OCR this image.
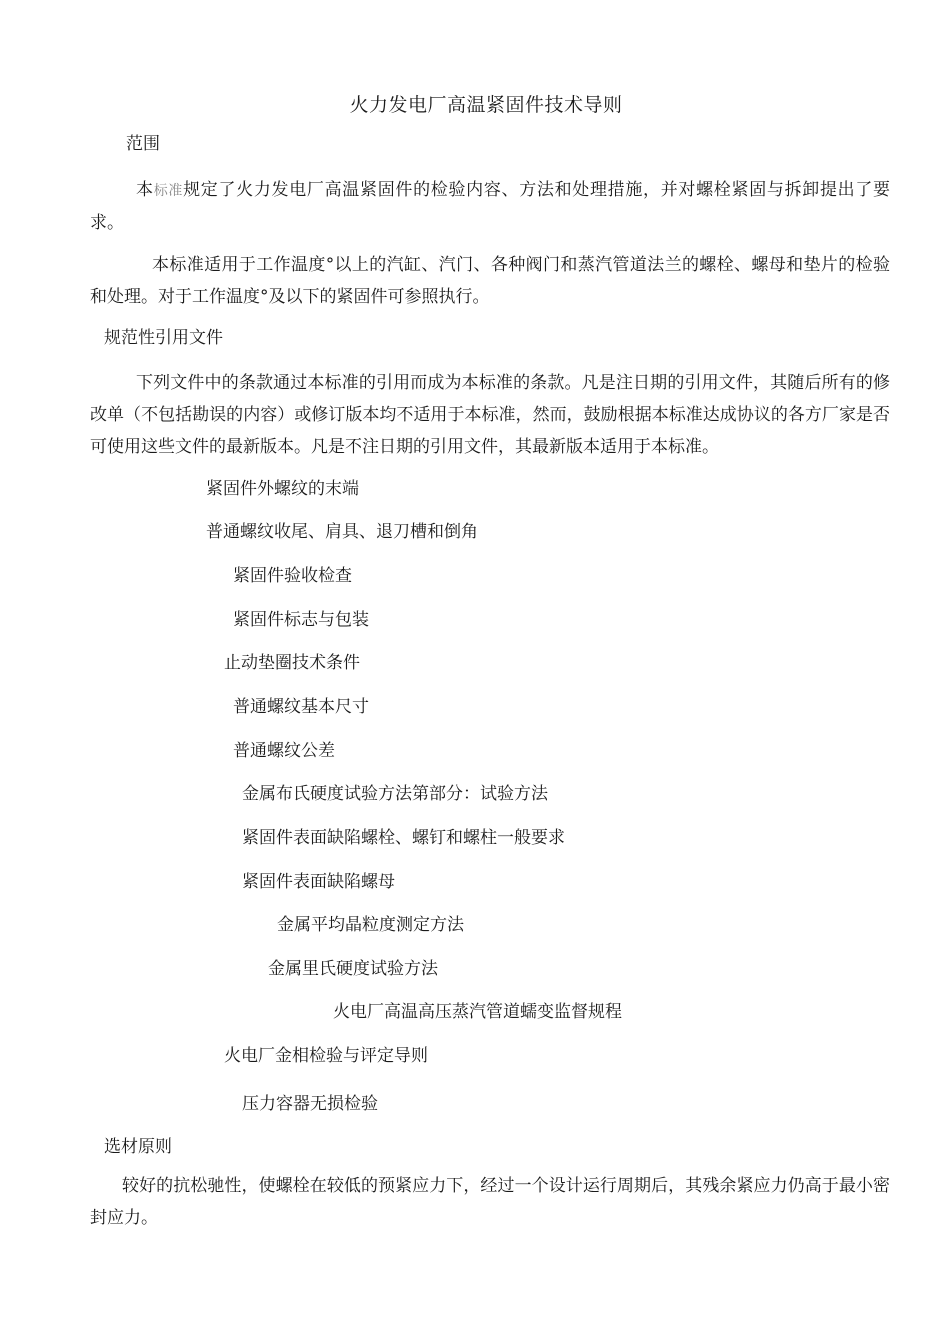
火力发电厂高温紧固件技术导则
范围
本标准规定了火力发电厂高温紧固件的检验内容、方法和处理措施，并对螺栓紧固与拆卸提出了要求。
本标准适用于工作温度°以上的汽缸、汽门、各种阀门和蒸汽管道法兰的螺栓、螺母和垫片的检验和处理。对于工作温度°及以下的紧固件可参照执行。
规范性引用文件
下列文件中的条款通过本标准的引用而成为本标准的条款。凡是注日期的引用文件，其随后所有的修改单（不包括勘误的内容）或修订版本均不适用于本标准，然而，鼓励根据本标准达成协议的各方厂家是否可使用这些文件的最新版本。凡是不注日期的引用文件，其最新版本适用于本标准。
紧固件外螺纹的末端
普通螺纹收尾、肩具、退刀槽和倒角
紧固件验收检查
紧固件标志与包装
止动垫圈技术条件
普通螺纹基本尺寸
普通螺纹公差
金属布氏硬度试验方法第部分：试验方法
紧固件表面缺陷螺栓、螺钉和螺柱一般要求
紧固件表面缺陷螺母
金属平均晶粒度测定方法
金属里氏硬度试验方法
火电厂高温高压蒸汽管道蠕变监督规程
火电厂金相检验与评定导则
压力容器无损检验
选材原则
较好的抗松驰性，使螺栓在较低的预紧应力下，经过一个设计运行周期后，其残余紧应力仍高于最小密封应力。
